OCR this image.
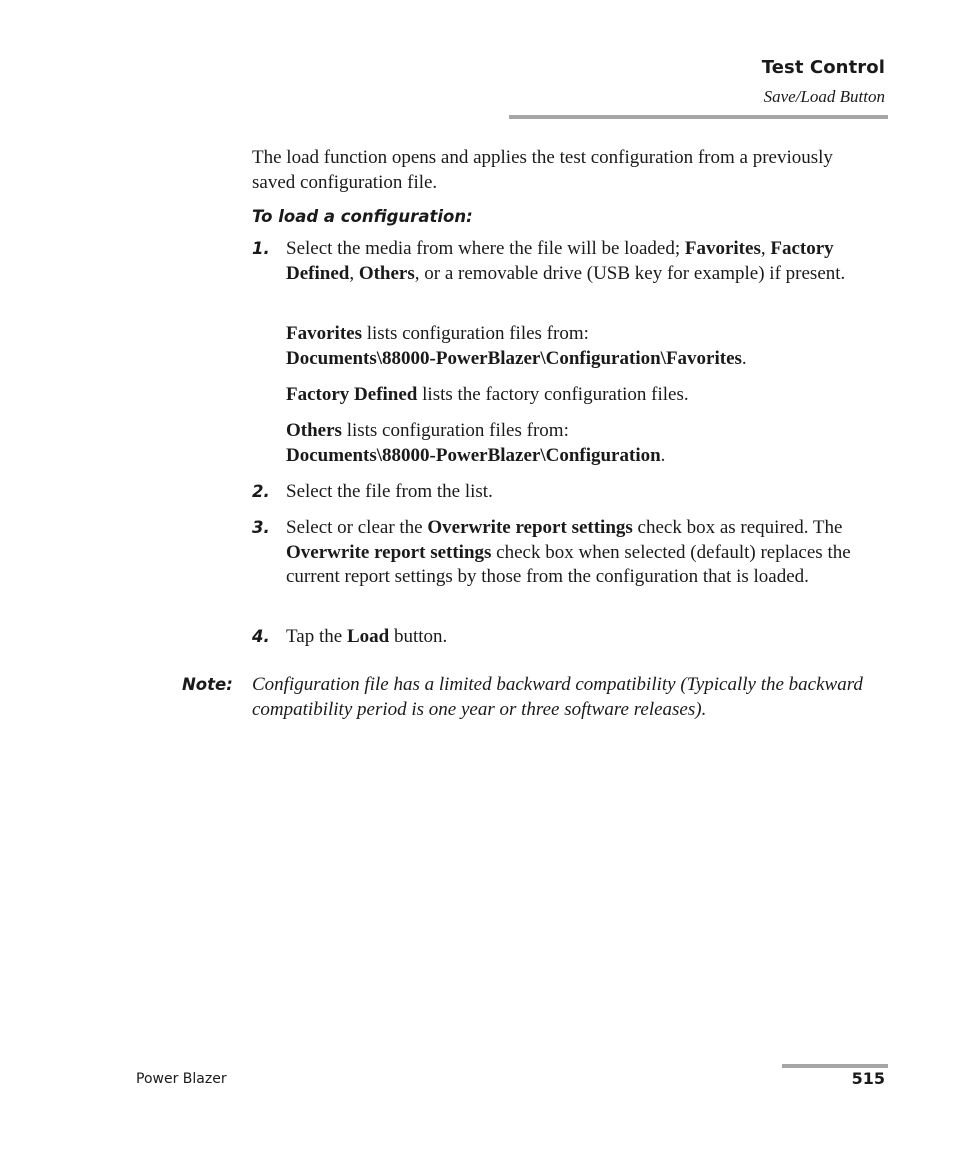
Test Control
Save/Load Button
The load function opens and applies the test configuration from a previously saved configuration file.
To load a configuration:
1. Select the media from where the file will be loaded; Favorites, Factory Defined, Others, or a removable drive (USB key for example) if present.
Favorites lists configuration files from:
Documents\88000-PowerBlazer\Configuration\Favorites.
Factory Defined lists the factory configuration files.
Others lists configuration files from:
Documents\88000-PowerBlazer\Configuration.
2. Select the file from the list.
3. Select or clear the Overwrite report settings check box as required. The Overwrite report settings check box when selected (default) replaces the current report settings by those from the configuration that is loaded.
4. Tap the Load button.
Note: Configuration file has a limited backward compatibility (Typically the backward compatibility period is one year or three software releases).
Power Blazer	515
